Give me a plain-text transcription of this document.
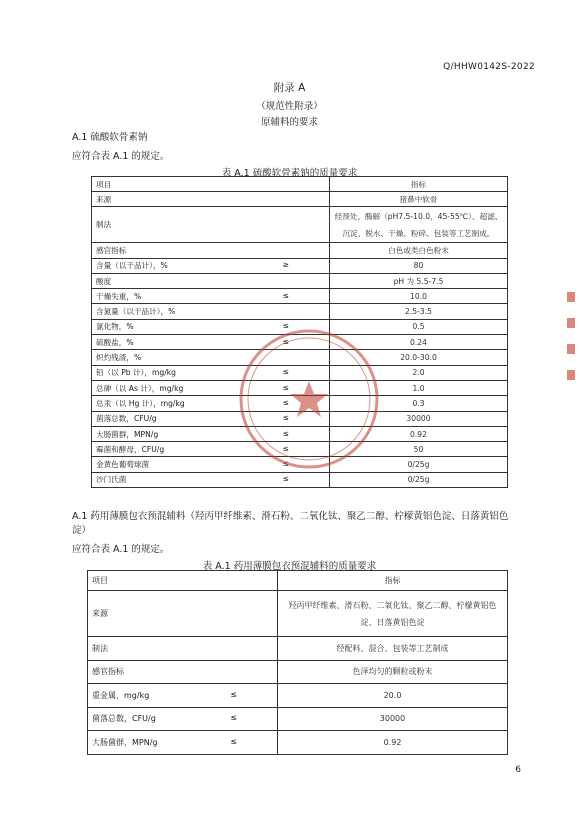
Q/HHW0142S-2022
附录 A
（规范性附录）
原辅料的要求
A.1 硫酸软骨素钠
应符合表 A.1 的规定。
表 A.1 硫酸软骨素钠的质量要求
项目	指标
来源	猪鼻中软骨
制法	经预处、酶解（pH7.5-10.0，45-55℃）、超滤、沉淀、脱水、干燥、粉碎、包装等工艺制成。
感官指标	白色或类白色粉末
含量（以干品计），% ≥	80
酸度	pH 为 5.5-7.5
干燥失重，% ≤	10.0
含氮量（以干品计），%	2.5-3.5
氯化物，% ≤	0.5
硫酸盐，% ≤	0.24
炽灼残渣，%	20.0-30.0
铅（以 Pb 计），mg/kg ≤	2.0
总砷（以 As 计），mg/kg ≤	1.0
总汞（以 Hg 计），mg/kg ≤	0.3
菌落总数，CFU/g ≤	30000
大肠菌群，MPN/g ≤	0.92
霉菌和酵母，CFU/g ≤	50
金黄色葡萄球菌 ≤	0/25g
沙门氏菌 ≤	0/25g
A.1 药用薄膜包衣预混辅料（羟丙甲纤维素、滑石粉、二氧化钛、聚乙二醇、柠檬黄铝色淀、日落黄铝色淀）
应符合表 A.1 的规定。
表 A.1 药用薄膜包衣预混辅料的质量要求
项目	指标
来源	羟丙甲纤维素、滑石粉、二氧化钛、聚乙二醇、柠檬黄铝色淀、日落黄铝色淀
制法	经配料、混合、包装等工艺制成
感官指标	色泽均匀的颗粒或粉末
重金属，mg/kg ≤	20.0
菌落总数，CFU/g ≤	30000
大肠菌群，MPN/g ≤	0.92
6
